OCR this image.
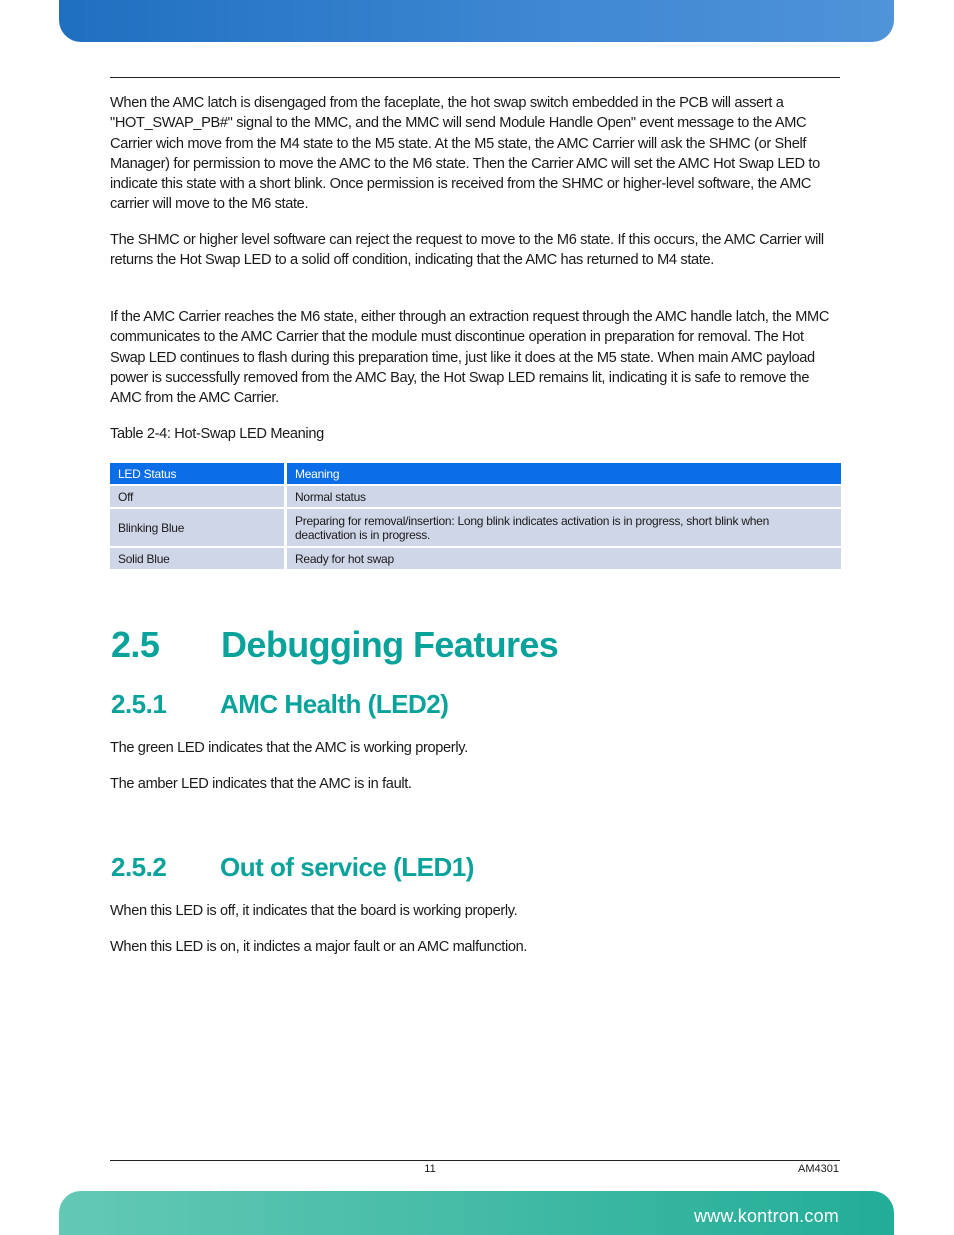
When the AMC latch is disengaged from the faceplate, the hot swap switch embedded in the PCB will assert a "HOT_SWAP_PB#" signal to the MMC, and the MMC will send Module Handle Open" event message to the AMC Carrier wich move from the M4 state to the M5 state. At the M5 state, the AMC Carrier will ask the SHMC (or Shelf Manager) for permission to move the AMC to the M6 state. Then the Carrier AMC will set the AMC Hot Swap LED to indicate this state with a short blink. Once permission is received from the SHMC or higher-level software, the AMC carrier will move to the M6 state.

The SHMC or higher level software can reject the request to move to the M6 state. If this occurs, the AMC Carrier will returns the Hot Swap LED to a solid off condition, indicating that the AMC has returned to M4 state.

If the AMC Carrier reaches the M6 state, either through an extraction request through the AMC handle latch, the MMC communicates to the AMC Carrier that the module must discontinue operation in preparation for removal. The Hot Swap LED continues to flash during this preparation time, just like it does at the M5 state. When main AMC payload power is successfully removed from the AMC Bay, the Hot Swap LED remains lit, indicating it is safe to remove the AMC from the AMC Carrier.

Table 2-4: Hot-Swap LED Meaning

LED Status	Meaning
Off	Normal status
Blinking Blue	Preparing for removal/insertion: Long blink indicates activation is in progress, short blink when deactivation is in progress.
Solid Blue	Ready for hot swap
2.5 Debugging Features
2.5.1 AMC Health (LED2)

The green LED indicates that the AMC is working properly.

The amber LED indicates that the AMC is in fault.

2.5.2 Out of service (LED1)

When this LED is off, it indicates that the board is working properly.

When this LED is on, it indictes a major fault or an AMC malfunction.

11	AM4301
www.kontron.com
